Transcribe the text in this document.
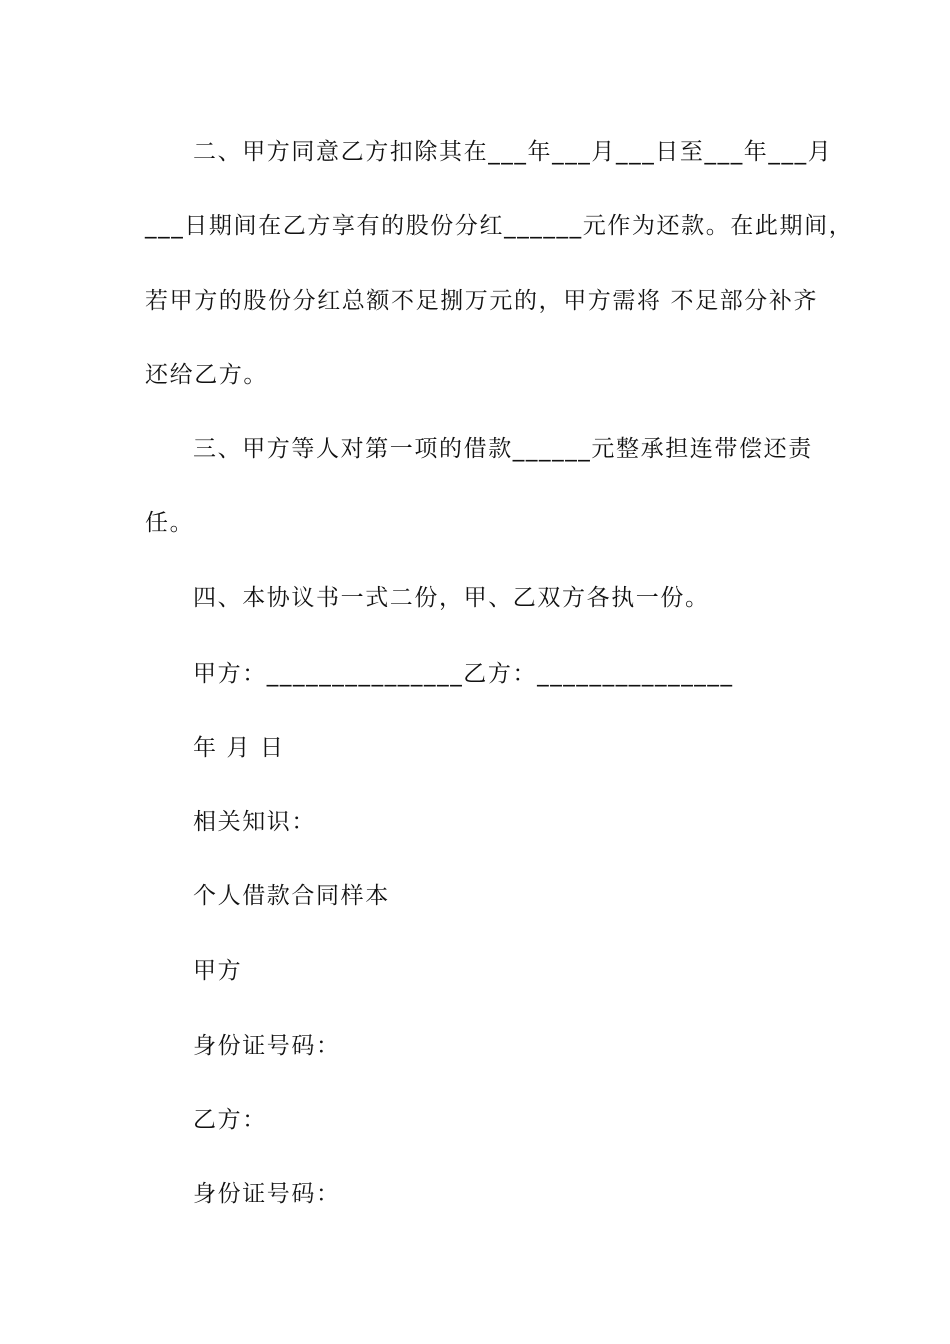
二、甲方同意乙方扣除其在___年___月___日至___年___月
___日期间在乙方享有的股份分红______元作为还款。在此期间，
若甲方的股份分红总额不足捌万元的，甲方需将 不足部分补齐
还给乙方。
三、甲方等人对第一项的借款______元整承担连带偿还责
任。
四、本协议书一式二份，甲、乙双方各执一份。
甲方：_______________乙方：_______________
年 月 日
相关知识：
个人借款合同样本
甲方
身份证号码：
乙方：
身份证号码：
